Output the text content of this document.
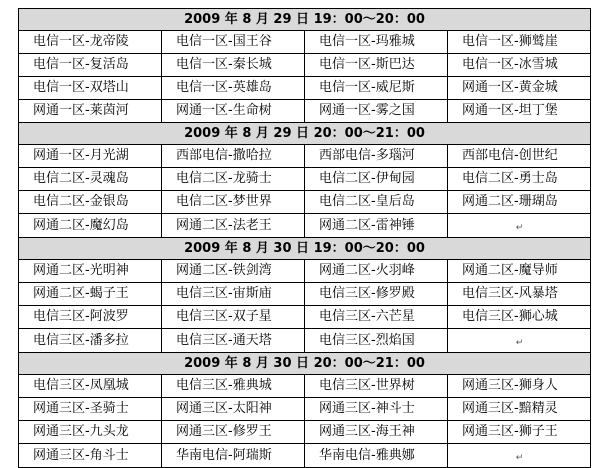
2009 年 8 月 29 日 19：00～20：00			
电信一区-龙帝陵	电信一区-国王谷	电信一区-玛雅城	电信一区-狮鹫崖
电信一区-复活岛	电信一区-秦长城	电信一区-斯巴达	电信一区-冰雪城
电信一区-双塔山	电信一区-英雄岛	电信一区-威尼斯	网通一区-黄金城
网通一区-莱茵河	网通一区-生命树	网通一区-雾之国	网通一区-坦丁堡
2009 年 8 月 29 日 20：00～21：00			
网通一区-月光湖	西部电信-撒哈拉	西部电信-多瑙河	西部电信-创世纪
电信二区-灵魂岛	电信二区-龙骑士	电信二区-伊甸园	电信二区-勇士岛
电信二区-金银岛	电信二区-梦世界	电信二区-皇后岛	网通二区-珊瑚岛
网通二区-魔幻岛	网通二区-法老王	网通二区-雷神锤	↵
2009 年 8 月 30 日 19：00～20：00			
网通二区-光明神	网通二区-铁剑湾	网通二区-火羽峰	网通二区-魔导师
网通二区-蝎子王	电信三区-宙斯庙	电信三区-修罗殿	电信三区-风暴塔
电信三区-阿波罗	电信三区-双子星	电信三区-六芒星	电信三区-狮心城
电信三区-潘多拉	电信三区-通天塔	电信三区-烈焰国	↵
2009 年 8 月 30 日 20：00～21：00			
电信三区-凤凰城	电信三区-雅典城	电信三区-世界树	网通三区-狮身人
网通三区-圣骑士	网通三区-太阳神	网通三区-神斗士	网通三区-黯精灵
网通三区-九头龙	网通三区-修罗王	网通三区-海王神	网通三区-狮子王
网通三区-角斗士	华南电信-阿瑞斯	华南电信-雅典娜	↵
